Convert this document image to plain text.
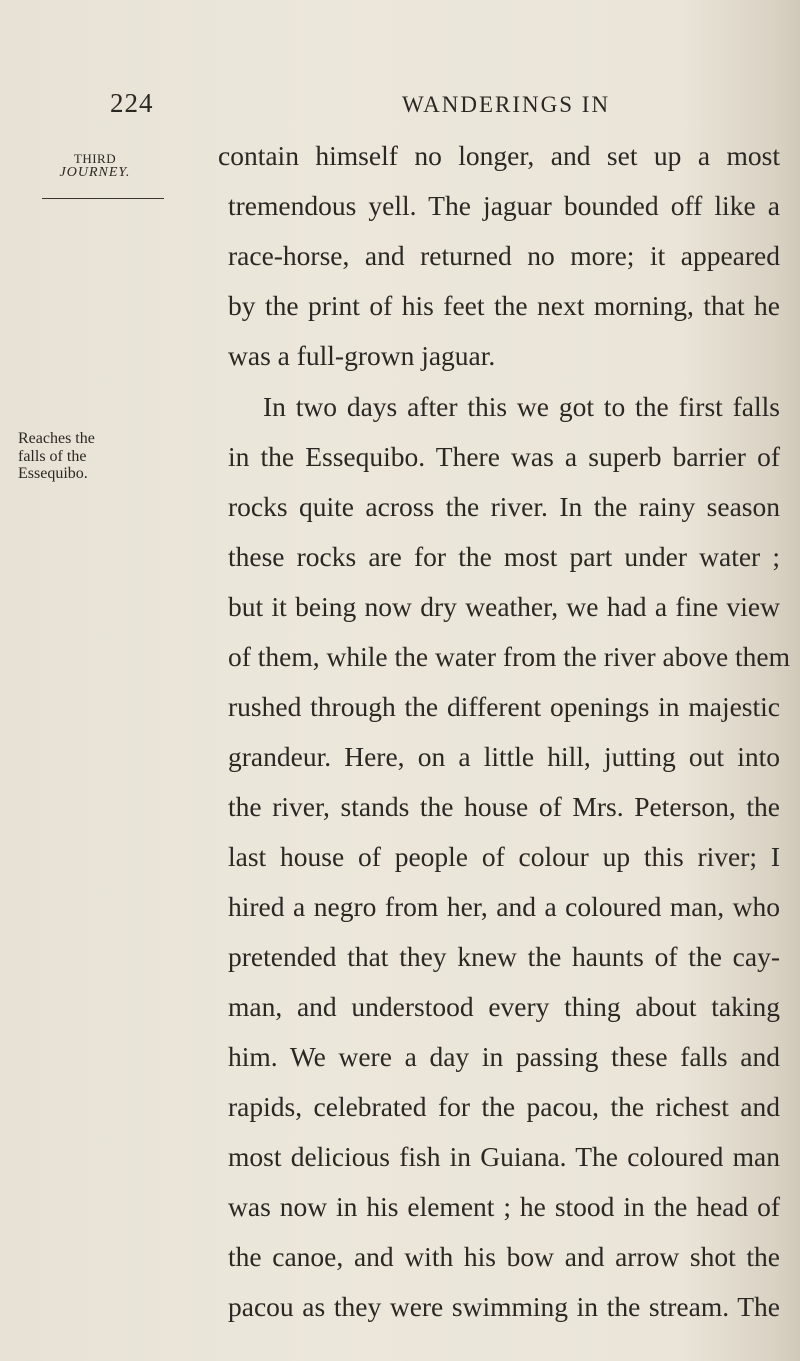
224	WANDERINGS IN
THIRD
JOURNEY.
Reaches the
falls of the
Essequibo.
contain himself no longer, and set up a most
tremendous yell. The jaguar bounded off like a
race-horse, and returned no more; it appeared
by the print of his feet the next morning, that he
was a full-grown jaguar.
In two days after this we got to the first falls
in the Essequibo. There was a superb barrier of
rocks quite across the river. In the rainy season
these rocks are for the most part under water ;
but it being now dry weather, we had a fine view
of them, while the water from the river above them
rushed through the different openings in majestic
grandeur. Here, on a little hill, jutting out into
the river, stands the house of Mrs. Peterson, the
last house of people of colour up this river; I
hired a negro from her, and a coloured man, who
pretended that they knew the haunts of the cay-
man, and understood every thing about taking
him. We were a day in passing these falls and
rapids, celebrated for the pacou, the richest and
most delicious fish in Guiana. The coloured man
was now in his element ; he stood in the head of
the canoe, and with his bow and arrow shot the
pacou as they were swimming in the stream. The
